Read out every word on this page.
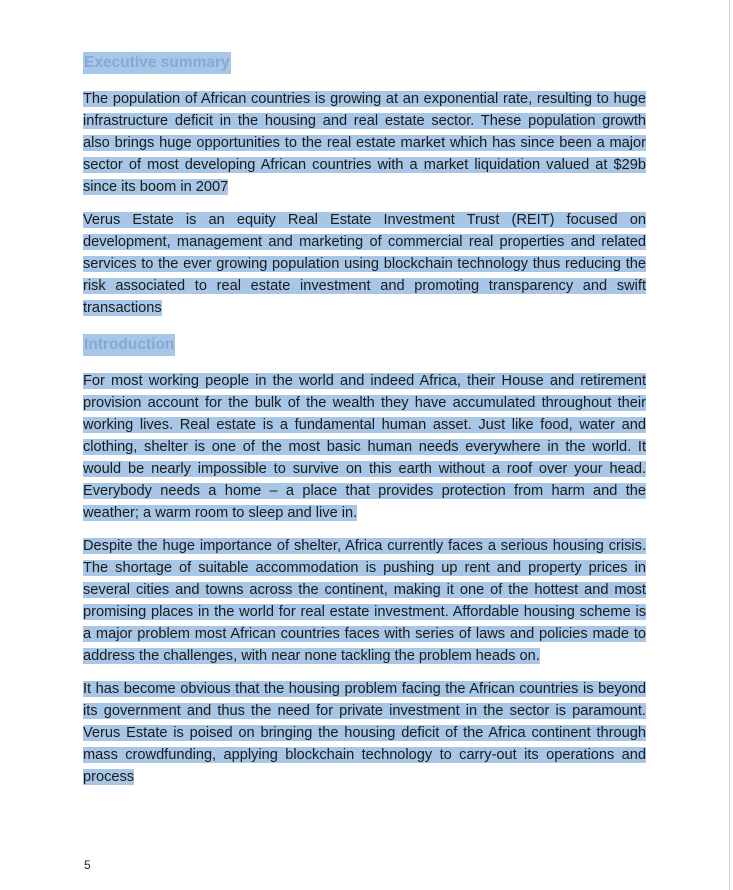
Executive summary

The population of African countries is growing at an exponential rate, resulting to huge infrastructure deficit in the housing and real estate sector. These population growth also brings huge opportunities to the real estate market which has since been a major sector of most developing African countries with a market liquidation valued at $29b since its boom in 2007

Verus Estate is an equity Real Estate Investment Trust (REIT) focused on development, management and marketing of commercial real properties and related services to the ever growing population using blockchain technology thus reducing the risk associated to real estate investment and promoting transparency and swift transactions

Introduction

For most working people in the world and indeed Africa, their House and retirement provision account for the bulk of the wealth they have accumulated throughout their working lives. Real estate is a fundamental human asset. Just like food, water and clothing, shelter is one of the most basic human needs everywhere in the world. It would be nearly impossible to survive on this earth without a roof over your head. Everybody needs a home – a place that provides protection from harm and the weather; a warm room to sleep and live in.

Despite the huge importance of shelter, Africa currently faces a serious housing crisis. The shortage of suitable accommodation is pushing up rent and property prices in several cities and towns across the continent, making it one of the hottest and most promising places in the world for real estate investment. Affordable housing scheme is a major problem most African countries faces with series of laws and policies made to address the challenges, with near none tackling the problem heads on.

It has become obvious that the housing problem facing the African countries is beyond its government and thus the need for private investment in the sector is paramount. Verus Estate is poised on bringing the housing deficit of the Africa continent through mass crowdfunding, applying blockchain technology to carry-out its operations and process

5
